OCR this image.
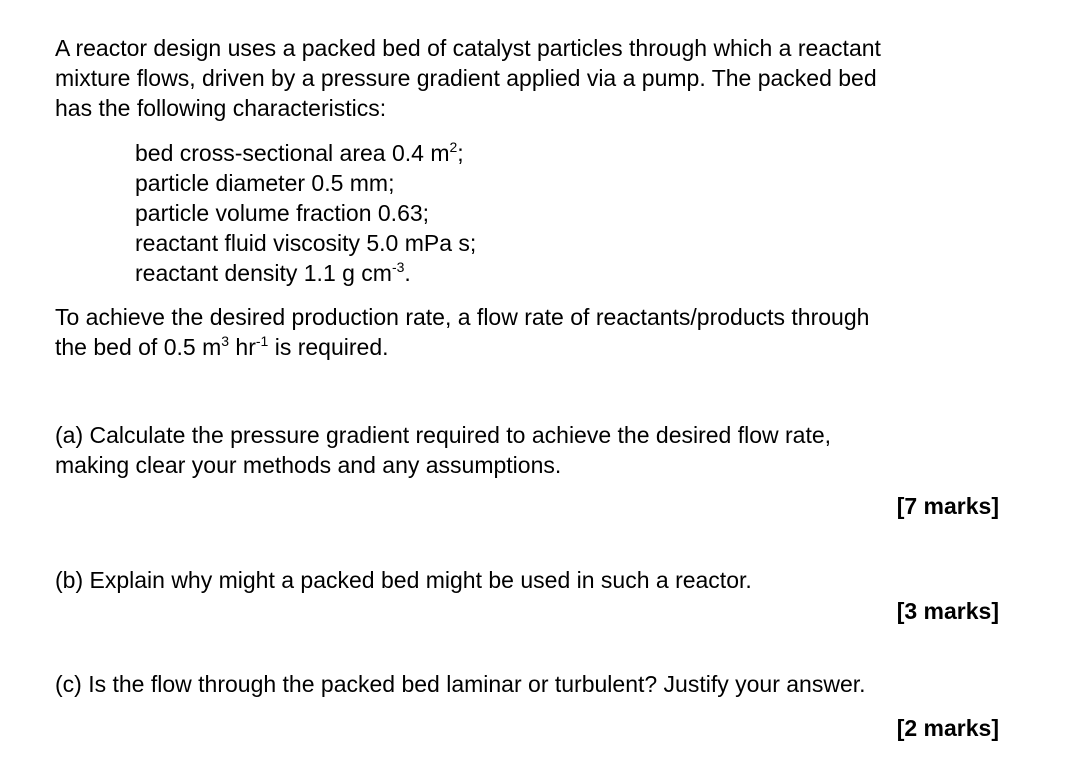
A reactor design uses a packed bed of catalyst particles through which a reactant
mixture flows, driven by a pressure gradient applied via a pump. The packed bed
has the following characteristics:
bed cross-sectional area 0.4 $m^2$;
particle diameter 0.5 mm;
particle volume fraction 0.63;
reactant fluid viscosity 5.0 mPa s;
reactant density 1.1 g $cm^{-3}$.
To achieve the desired production rate, a flow rate of reactants/products through
the bed of 0.5 $m^3$ $hr^{-1}$ is required.
(a) Calculate the pressure gradient required to achieve the desired flow rate,
making clear your methods and any assumptions.
[7 marks]
(b) Explain why might a packed bed might be used in such a reactor.
[3 marks]
(c) Is the flow through the packed bed laminar or turbulent? Justify your answer.
[2 marks]
